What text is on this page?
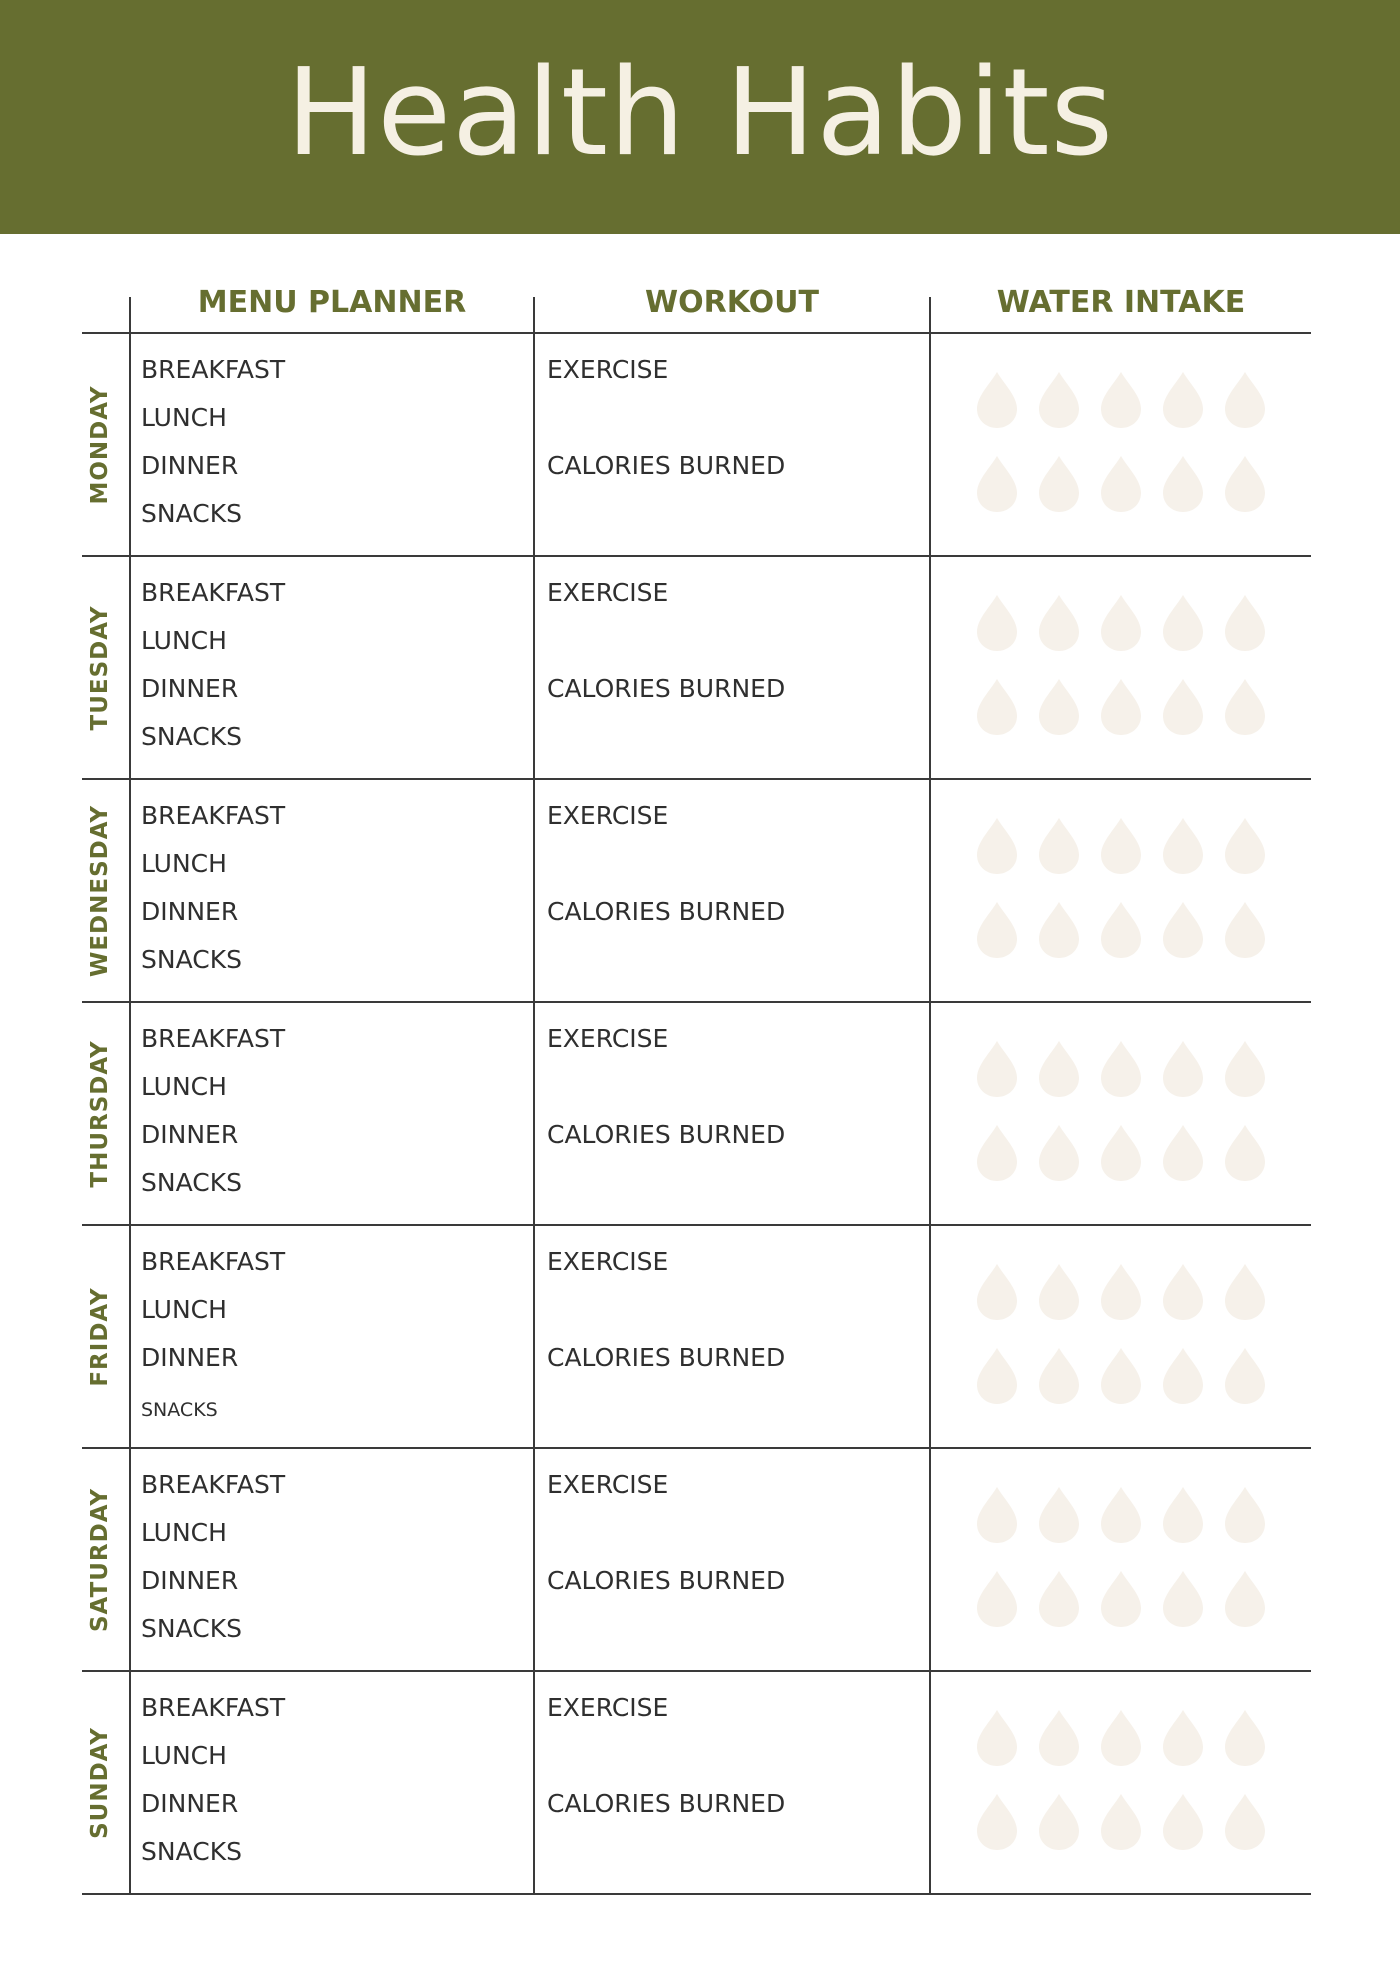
Health Habits
MENU PLANNER	WORKOUT	WATER INTAKE
MONDAY
BREAKFAST
LUNCH
DINNER
SNACKS
EXERCISE
CALORIES BURNED
TUESDAY
BREAKFAST
LUNCH
DINNER
SNACKS
EXERCISE
CALORIES BURNED
WEDNESDAY BREAKFAST
LUNCH
DINNER
SNACKS
EXERCISE
CALORIES BURNED
THURSDAY
BREAKFAST
LUNCH
DINNER
SNACKS
EXERCISE
CALORIES BURNED
FRIDAY
BREAKFAST
LUNCH
DINNER
SNACKS
EXERCISE
CALORIES BURNED
SATURDAY
BREAKFAST
LUNCH
DINNER
SNACKS
EXERCISE
CALORIES BURNED
SUNDAY
BREAKFAST
LUNCH
DINNER
SNACKS
EXERCISE
CALORIES BURNED
